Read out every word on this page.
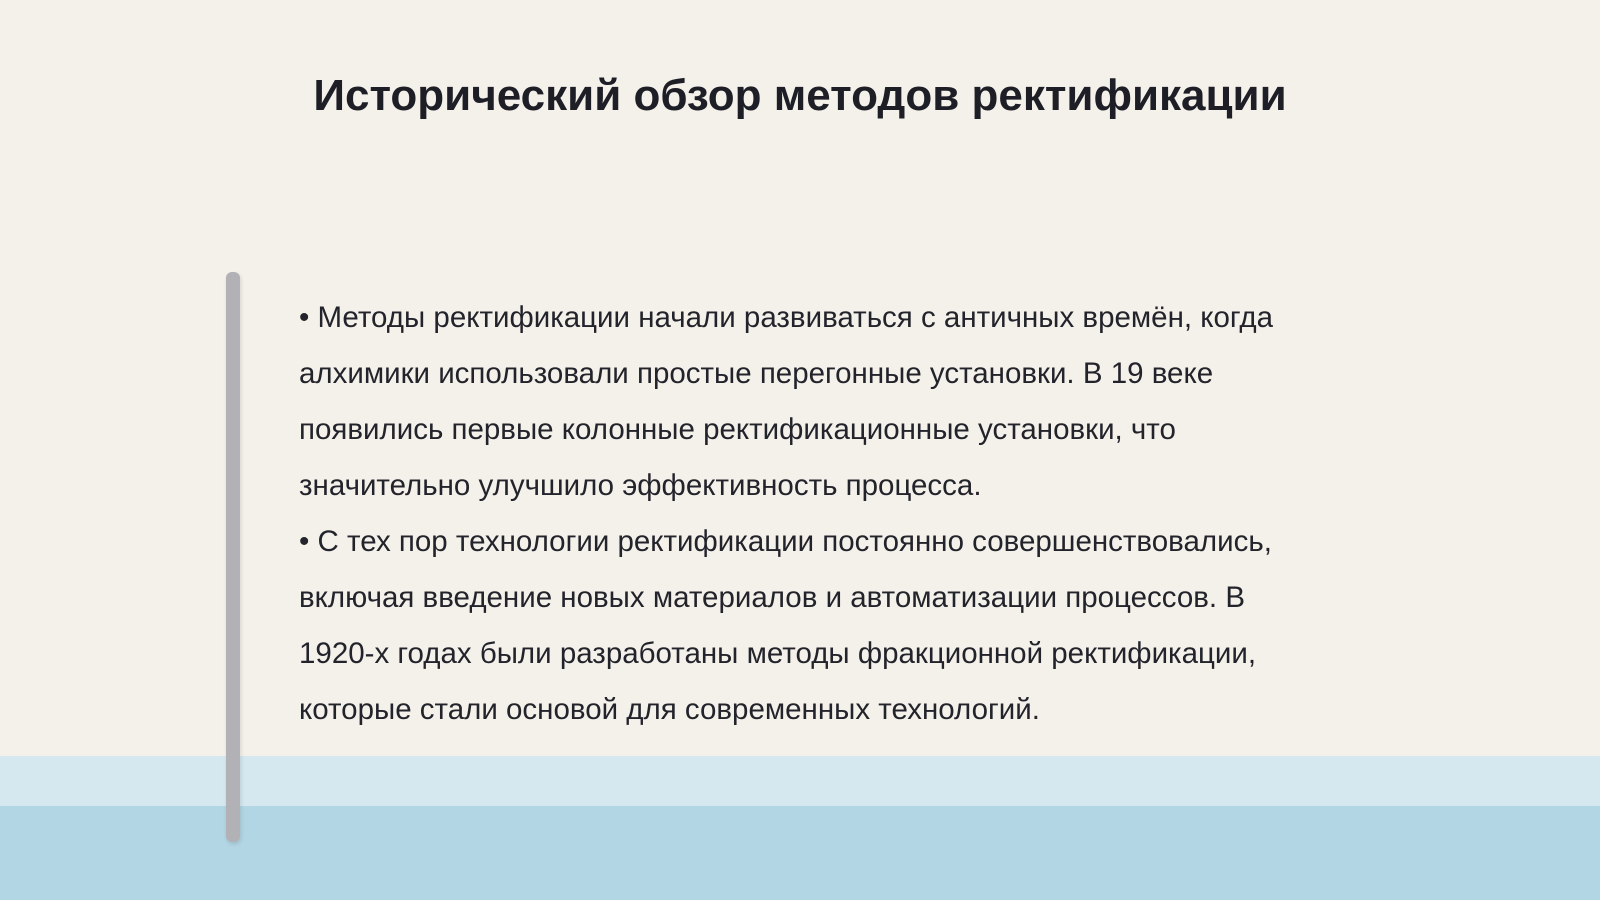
Исторический обзор методов ректификации

• Методы ректификации начали развиваться с античных времён, когда алхимики использовали простые перегонные установки. В 19 веке появились первые колонные ректификационные установки, что значительно улучшило эффективность процесса.

• С тех пор технологии ректификации постоянно совершенствовались, включая введение новых материалов и автоматизации процессов. В 1920-х годах были разработаны методы фракционной ректификации, которые стали основой для современных технологий.
